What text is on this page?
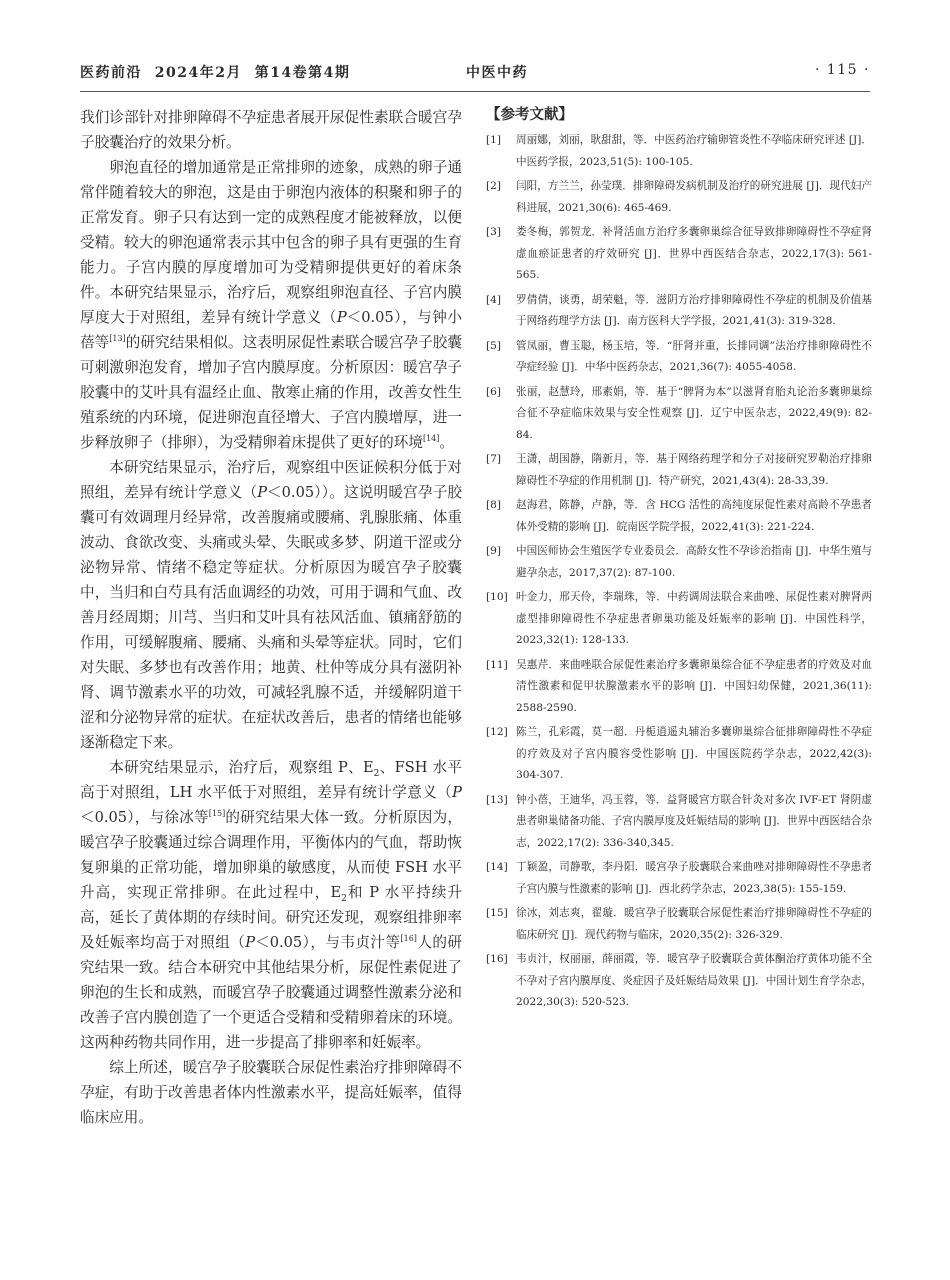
医药前沿  2024年2月  第14卷第4期	中医中药	· 115 ·

我们诊部针对排卵障碍不孕症患者展开尿促性素联合暖宫孕子胶囊治疗的效果分析。

卵泡直径的增加通常是正常排卵的迹象，成熟的卵子通常伴随着较大的卵泡，这是由于卵泡内液体的积聚和卵子的正常发育。卵子只有达到一定的成熟程度才能被释放，以便受精。较大的卵泡通常表示其中包含的卵子具有更强的生育能力。子宫内膜的厚度增加可为受精卵提供更好的着床条件。本研究结果显示，治疗后，观察组卵泡直径、子宫内膜厚度大于对照组，差异有统计学意义（P＜0.05），与钟小蓓等[13]的研究结果相似。这表明尿促性素联合暖宫孕子胶囊可刺激卵泡发育，增加子宫内膜厚度。分析原因：暖宫孕子胶囊中的艾叶具有温经止血、散寒止痛的作用，改善女性生殖系统的内环境，促进卵泡直径增大、子宫内膜增厚，进一步释放卵子（排卵），为受精卵着床提供了更好的环境[14]。

本研究结果显示，治疗后，观察组中医证候积分低于对照组，差异有统计学意义（P＜0.05））。这说明暖宫孕子胶囊可有效调理月经异常，改善腹痛或腰痛、乳腺胀痛、体重波动、食欲改变、头痛或头晕、失眠或多梦、阴道干涩或分泌物异常、情绪不稳定等症状。分析原因为暖宫孕子胶囊中，当归和白芍具有活血调经的功效，可用于调和气血、改善月经周期；川芎、当归和艾叶具有祛风活血、镇痛舒筋的作用，可缓解腹痛、腰痛、头痛和头晕等症状。同时，它们对失眠、多梦也有改善作用；地黄、杜仲等成分具有滋阴补肾、调节激素水平的功效，可减轻乳腺不适，并缓解阴道干涩和分泌物异常的症状。在症状改善后，患者的情绪也能够逐渐稳定下来。

本研究结果显示，治疗后，观察组 P、$E_2$、FSH 水平高于对照组，LH 水平低于对照组，差异有统计学意义（P＜0.05），与徐冰等[15]的研究结果大体一致。分析原因为，暖宫孕子胶囊通过综合调理作用，平衡体内的气血，帮助恢复卵巢的正常功能，增加卵巢的敏感度，从而使 FSH 水平升高，实现正常排卵。在此过程中，$E_2$和 P 水平持续升高，延长了黄体期的存续时间。研究还发现，观察组排卵率及妊娠率均高于对照组（P＜0.05），与韦贞汁等[16]人的研究结果一致。结合本研究中其他结果分析，尿促性素促进了卵泡的生长和成熟，而暖宫孕子胶囊通过调整性激素分泌和改善子宫内膜创造了一个更适合受精和受精卵着床的环境。这两种药物共同作用，进一步提高了排卵率和妊娠率。

综上所述，暖宫孕子胶囊联合尿促性素治疗排卵障碍不孕症，有助于改善患者体内性激素水平，提高妊娠率，值得临床应用。

【参考文献】
[1] 周丽娜，刘丽，耿甜甜，等．中医药治疗输卵管炎性不孕临床研究评述 [J]．中医药学报，2023,51(5): 100-105.
[2] 闫阳，方兰兰，孙莹璞．排卵障碍发病机制及治疗的研究进展 [J]．现代妇产科进展，2021,30(6): 465-469.
[3] 娄冬梅，郭贺龙．补肾活血方治疗多囊卵巢综合征导致排卵障碍性不孕症肾虚血瘀证患者的疗效研究 [J]．世界中西医结合杂志，2022,17(3): 561-565.
[4] 罗倩倩，谈勇，胡荣魁，等．滋阴方治疗排卵障碍性不孕症的机制及价值基于网络药理学方法 [J]．南方医科大学学报，2021,41(3): 319-328.
[5] 管凤丽，曹玉聪，杨玉培，等．“肝肾并重，长排同调”法治疗排卵障碍性不孕症经验 [J]．中华中医药杂志，2021,36(7): 4055-4058.
[6] 张丽，赵慧玲，邢素娟，等．基于“脾肾为本”以滋肾育胎丸论治多囊卵巢综合征不孕症临床效果与安全性观察 [J]．辽宁中医杂志，2022,49(9): 82-84.
[7] 王潇，胡国静，隋新月，等．基于网络药理学和分子对接研究罗勒治疗排卵障碍性不孕症的作用机制 [J]．特产研究，2021,43(4): 28-33,39.
[8] 赵海君，陈静，卢静，等．含 HCG 活性的高纯度尿促性素对高龄不孕患者体外受精的影响 [J]．皖南医学院学报，2022,41(3): 221-224.
[9] 中国医师协会生殖医学专业委员会．高龄女性不孕诊治指南 [J]．中华生殖与避孕杂志，2017,37(2): 87-100.
[10] 叶金力，邢天伶，李瑞珠，等．中药调周法联合来曲唑、尿促性素对脾肾两虚型排卵障碍性不孕症患者卵巢功能及妊娠率的影响 [J]．中国性科学，2023,32(1): 128-133.
[11] 吴惠芹．来曲唑联合尿促性素治疗多囊卵巢综合征不孕症患者的疗效及对血清性激素和促甲状腺激素水平的影响 [J]．中国妇幼保健，2021,36(11): 2588-2590.
[12] 陈兰，孔彩霞，莫一超．丹栀逍遥丸辅治多囊卵巢综合征排卵障碍性不孕症的疗效及对子宫内膜容受性影响 [J]．中国医院药学杂志，2022,42(3): 304-307.
[13] 钟小蓓，王迪华，冯玉蓉，等．益肾暖宫方联合针灸对多次 IVF-ET 肾阴虚患者卵巢储备功能、子宫内膜厚度及妊娠结局的影响 [J]．世界中西医结合杂志，2022,17(2): 336-340,345.
[14] 丁颖盈，司静歌，李丹阳．暖宫孕子胶囊联合来曲唑对排卵障碍性不孕患者子宫内膜与性激素的影响 [J]．西北药学杂志，2023,38(5): 155-159.
[15] 徐冰，刘志爽，翟璇．暖宫孕子胶囊联合尿促性素治疗排卵障碍性不孕症的临床研究 [J]．现代药物与临床，2020,35(2): 326-329.
[16] 韦贞汁，权丽丽，薛丽霞，等．暖宫孕子胶囊联合黄体酮治疗黄体功能不全不孕对子宫内膜厚度、炎症因子及妊娠结局效果 [J]．中国计划生育学杂志，2022,30(3): 520-523.
